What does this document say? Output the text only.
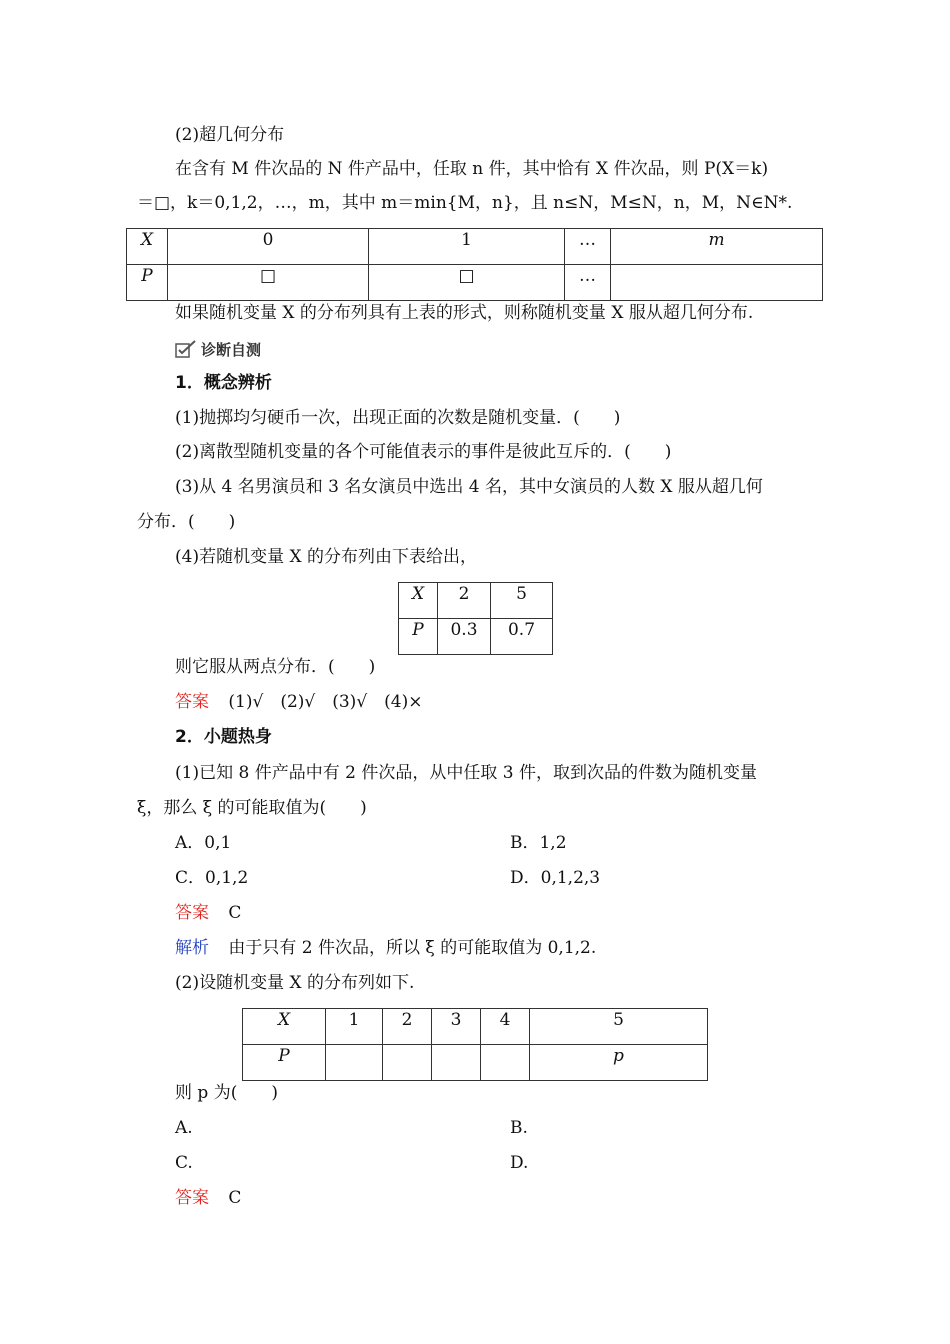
(2)超几何分布
在含有 M 件次品的 N 件产品中，任取 n 件，其中恰有 X 件次品，则 P(X＝k)
＝□，k＝0,1,2，…，m，其中 m＝min{M，n}，且 n≤N，M≤N，n，M，N∈N*.
X	0	1	…	m
P	□	□	…	
如果随机变量 X 的分布列具有上表的形式，则称随机变量 X 服从超几何分布.
诊断自测
1．概念辨析
(1)抛掷均匀硬币一次，出现正面的次数是随机变量．(　　)
(2)离散型随机变量的各个可能值表示的事件是彼此互斥的．(　　)
(3)从 4 名男演员和 3 名女演员中选出 4 名，其中女演员的人数 X 服从超几何
分布．(　　)
(4)若随机变量 X 的分布列由下表给出，
X	2	5
P	0.3	0.7
则它服从两点分布．(　　)
答案 (1)√　(2)√　(3)√　(4)×
2．小题热身
(1)已知 8 件产品中有 2 件次品，从中任取 3 件，取到次品的件数为随机变量
ξ，那么 ξ 的可能取值为(　　)
A．0,1	B．1,2
C．0,1,2	D．0,1,2,3
答案 C
解析 由于只有 2 件次品，所以 ξ 的可能取值为 0,1,2.
(2)设随机变量 X 的分布列如下.
X	1	2	3	4	5
P					p
则 p 为(　　)
A.	B.
C.	D.
答案 C
